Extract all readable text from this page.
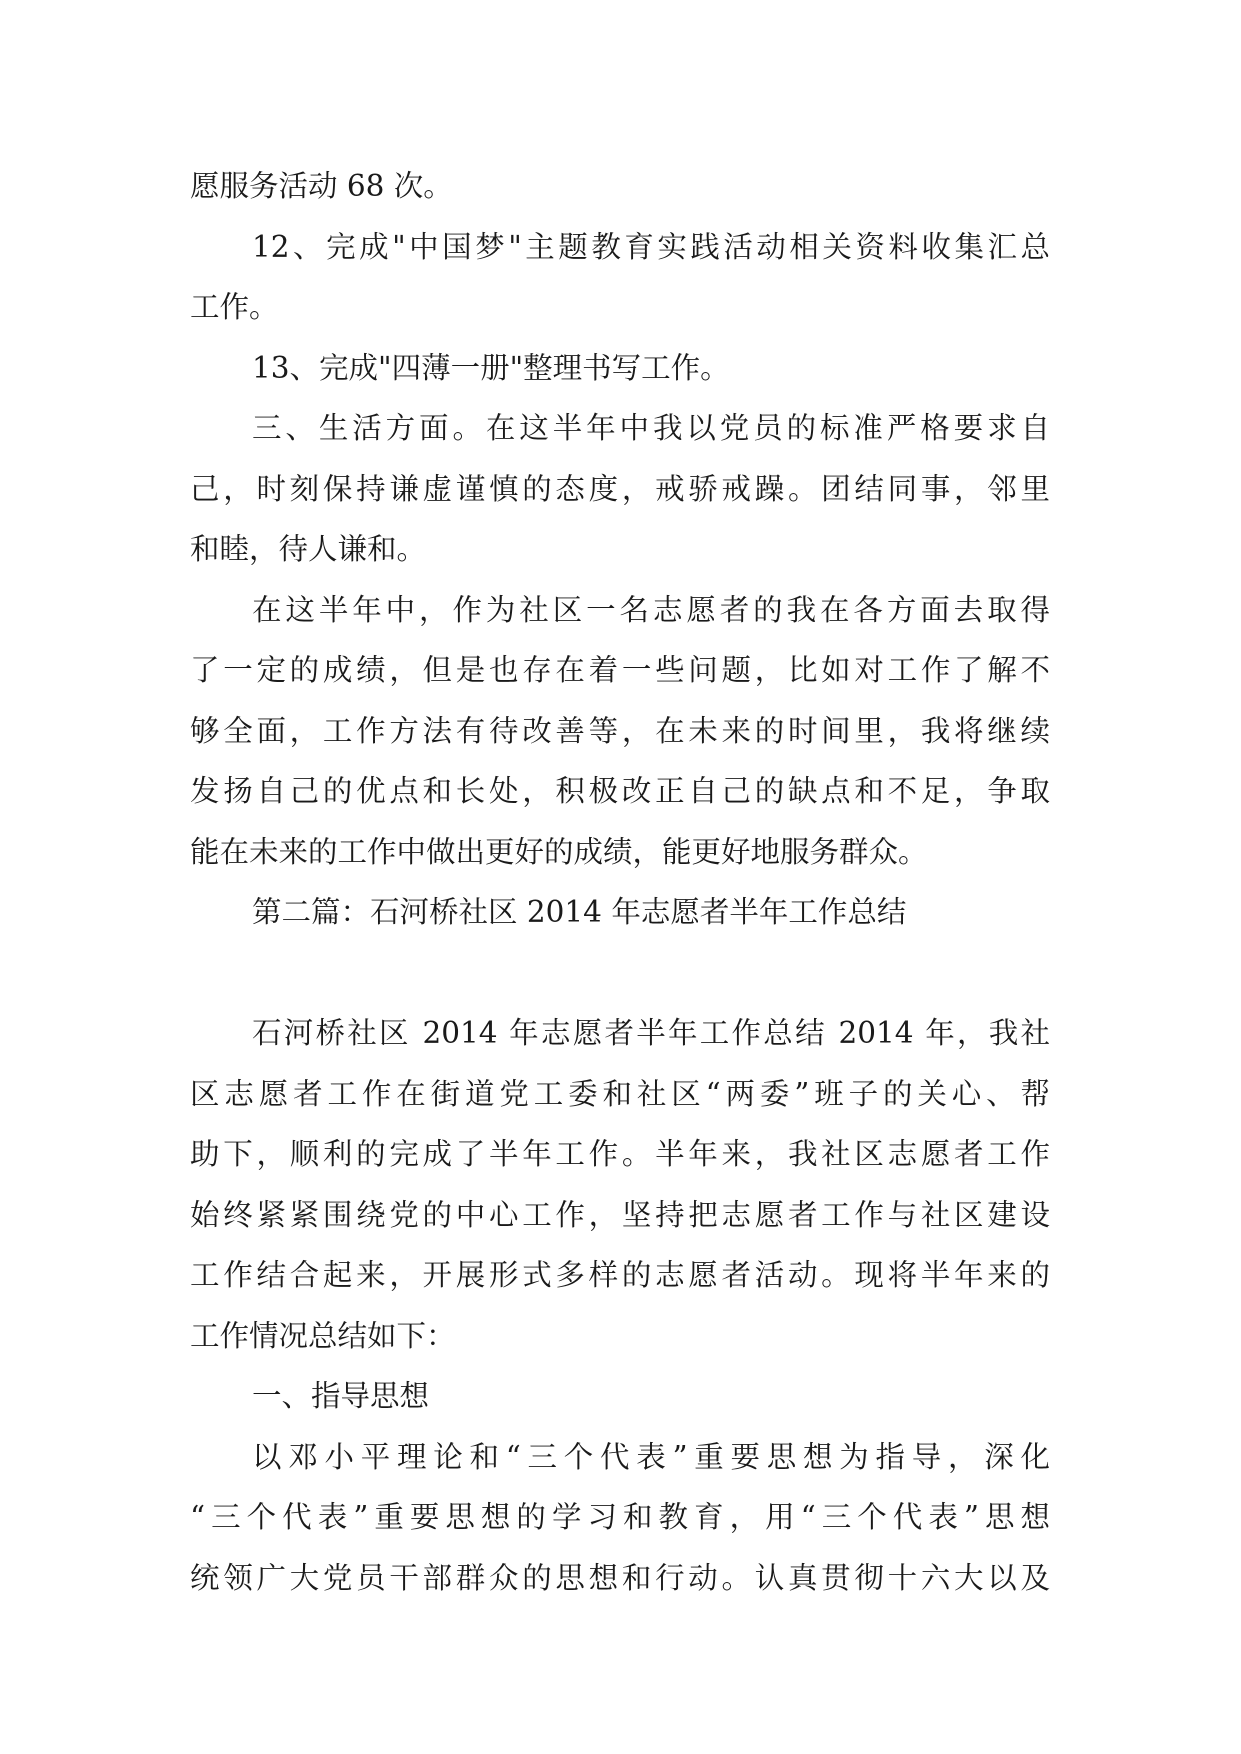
愿服务活动 68 次。
12、完成"中国梦"主题教育实践活动相关资料收集汇总
工作。
13、完成"四薄一册"整理书写工作。
三、生活方面。在这半年中我以党员的标准严格要求自
己，时刻保持谦虚谨慎的态度，戒骄戒躁。团结同事，邻里
和睦，待人谦和。
在这半年中，作为社区一名志愿者的我在各方面去取得
了一定的成绩，但是也存在着一些问题，比如对工作了解不
够全面，工作方法有待改善等，在未来的时间里，我将继续
发扬自己的优点和长处，积极改正自己的缺点和不足，争取
能在未来的工作中做出更好的成绩，能更好地服务群众。
第二篇：石河桥社区 2014 年志愿者半年工作总结
石河桥社区 2014 年志愿者半年工作总结 2014 年，我社
区志愿者工作在街道党工委和社区“两委”班子的关心、帮
助下，顺利的完成了半年工作。半年来，我社区志愿者工作
始终紧紧围绕党的中心工作，坚持把志愿者工作与社区建设
工作结合起来，开展形式多样的志愿者活动。现将半年来的
工作情况总结如下：
一、指导思想
以邓小平理论和“三个代表”重要思想为指导，深化
“三个代表”重要思想的学习和教育，用“三个代表”思想
统领广大党员干部群众的思想和行动。认真贯彻十六大以及
